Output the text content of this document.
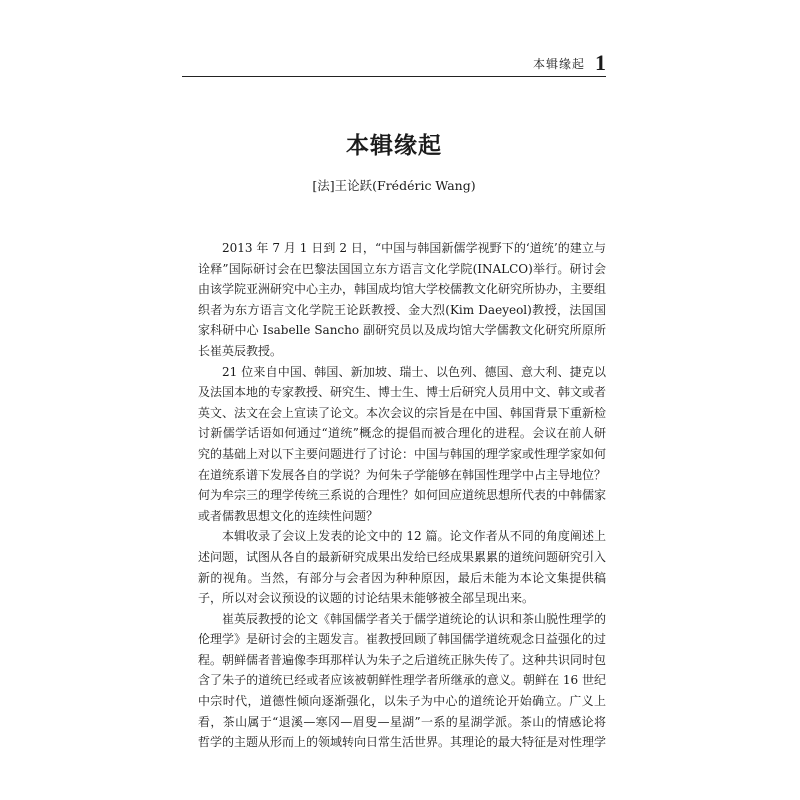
本辑缘起 1
本辑缘起
[法]王论跃(Frédéric Wang)

2013 年 7 月 1 日到 2 日，“中国与韩国新儒学视野下的‘道统’的建立与诠释”国际研讨会在巴黎法国国立东方语言文化学院(INALCO)举行。研讨会由该学院亚洲研究中心主办，韩国成均馆大学校儒教文化研究所协办，主要组织者为东方语言文化学院王论跃教授、金大烈(Kim Daeyeol)教授，法国国家科研中心 Isabelle Sancho 副研究员以及成均馆大学儒教文化研究所原所长崔英辰教授。

21 位来自中国、韩国、新加坡、瑞士、以色列、德国、意大利、捷克以及法国本地的专家教授、研究生、博士生、博士后研究人员用中文、韩文或者英文、法文在会上宣读了论文。本次会议的宗旨是在中国、韩国背景下重新检讨新儒学话语如何通过“道统”概念的提倡而被合理化的进程。会议在前人研究的基础上对以下主要问题进行了讨论：中国与韩国的理学家或性理学家如何在道统系谱下发展各自的学说？为何朱子学能够在韩国性理学中占主导地位？何为牟宗三的理学传统三系说的合理性？如何回应道统思想所代表的中韩儒家或者儒教思想文化的连续性问题？

本辑收录了会议上发表的论文中的 12 篇。论文作者从不同的角度阐述上述问题，试图从各自的最新研究成果出发给已经成果累累的道统问题研究引入新的视角。当然，有部分与会者因为种种原因，最后未能为本论文集提供稿子，所以对会议预设的议题的讨论结果未能够被全部呈现出来。

崔英辰教授的论文《韩国儒学者关于儒学道统论的认识和茶山脱性理学的伦理学》是研讨会的主题发言。崔教授回顾了韩国儒学道统观念日益强化的过程。朝鲜儒者普遍像李珥那样认为朱子之后道统正脉失传了。这种共识同时包含了朱子的道统已经或者应该被朝鲜性理学者所继承的意义。朝鲜在 16 世纪中宗时代，道德性倾向逐渐强化，以朱子为中心的道统论开始确立。广义上看，茶山属于“退溪—寒冈—眉叟—星湖”一系的星湖学派。茶山的情感论将哲学的主题从形而上的领域转向日常生活世界。其理论的最大特征是对性理学
